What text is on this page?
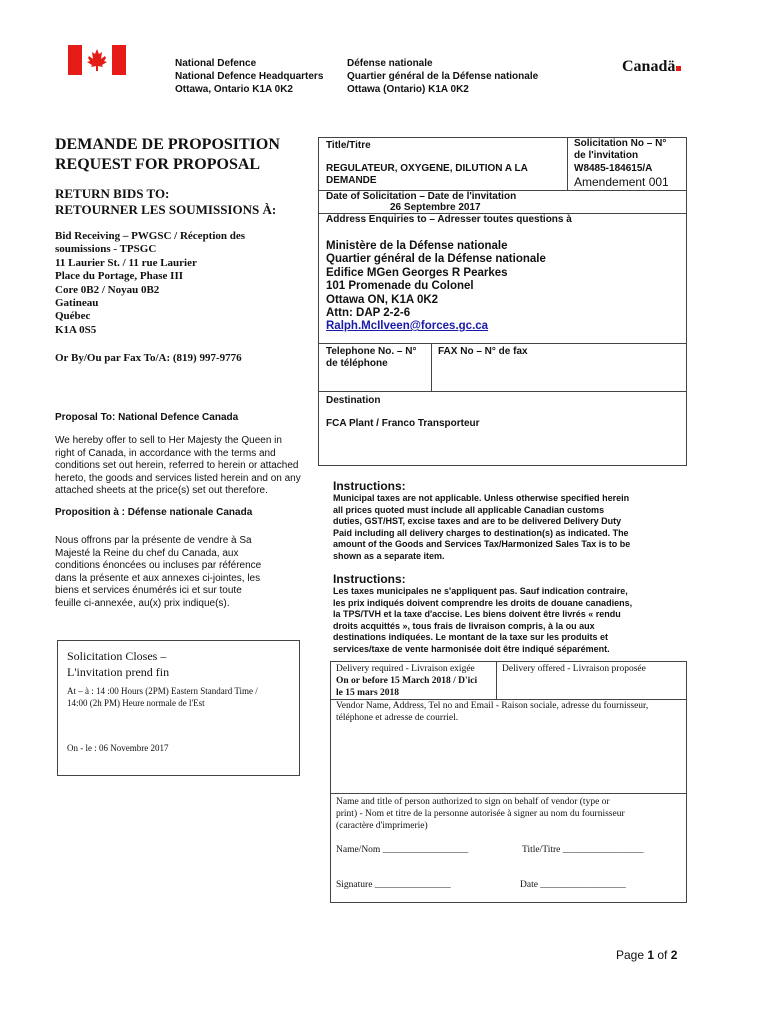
National Defence
National Defence Headquarters
Ottawa, Ontario K1A 0K2
Défense nationale
Quartier général de la Défense nationale
Ottawa (Ontario) K1A 0K2
Canadä
DEMANDE DE PROPOSITION
REQUEST FOR PROPOSAL
RETURN BIDS TO:
RETOURNER LES SOUMISSIONS À:
Bid Receiving – PWGSC / Réception des
soumissions - TPSGC
11 Laurier St. / 11 rue Laurier
Place du Portage, Phase III
Core 0B2 / Noyau 0B2
Gatineau
Québec
K1A 0S5
Or By/Ou par Fax To/A: (819) 997-9776
Proposal To: National Defence Canada
We hereby offer to sell to Her Majesty the Queen in
right of Canada, in accordance with the terms and
conditions set out herein, referred to herein or attached
hereto, the goods and services listed herein and on any
attached sheets at the price(s) set out therefore.
Proposition à : Défense nationale Canada
Nous offrons par la présente de vendre à Sa
Majesté la Reine du chef du Canada, aux
conditions énoncées ou incluses par référence
dans la présente et aux annexes ci-jointes, les
biens et services énumérés ici et sur toute
feuille ci-annexée, au(x) prix indique(s).
Solicitation Closes –
L'invitation prend fin
At – à : 14 :00 Hours (2PM) Eastern Standard Time /
14:00 (2h PM) Heure normale de l'Est
On - le : 06 Novembre 2017
Title/Titre
REGULATEUR, OXYGENE, DILUTION A LA
DEMANDE
Solicitation No – N°
de l'invitation
W8485-184615/A
Amendement 001
Date of Solicitation – Date de l'invitation
26 Septembre 2017
Address Enquiries to – Adresser toutes questions à
Ministère de la Défense nationale
Quartier général de la Défense nationale
Edifice MGen Georges R Pearkes
101 Promenade du Colonel
Ottawa ON, K1A 0K2
Attn: DAP 2-2-6
Ralph.McIlveen@forces.gc.ca
Telephone No. – N°
de téléphone
FAX No – N° de fax
Destination
FCA Plant / Franco Transporteur
Instructions:
Municipal taxes are not applicable. Unless otherwise specified herein
all prices quoted must include all applicable Canadian customs
duties, GST/HST, excise taxes and are to be delivered Delivery Duty
Paid including all delivery charges to destination(s) as indicated. The
amount of the Goods and Services Tax/Harmonized Sales Tax is to be
shown as a separate item.
Instructions:
Les taxes municipales ne s'appliquent pas. Sauf indication contraire,
les prix indiqués doivent comprendre les droits de douane canadiens,
la TPS/TVH et la taxe d'accise. Les biens doivent être livrés « rendu
droits acquittés », tous frais de livraison compris, à la ou aux
destinations indiquées. Le montant de la taxe sur les produits et
services/taxe de vente harmonisée doit être indiqué séparément.
Delivery required - Livraison exigée
On or before 15 March 2018 / D'ici
le 15 mars 2018
Delivery offered - Livraison proposée
Vendor Name, Address, Tel no and Email - Raison sociale, adresse du fournisseur,
téléphone et adresse de courriel.
Name and title of person authorized to sign on behalf of vendor (type or
print) - Nom et titre de la personne autorisée à signer au nom du fournisseur
(caractère d'imprimerie)
Name/Nom __________________	Title/Titre _________________
Signature ________________	Date __________________
Page 1 of 2
